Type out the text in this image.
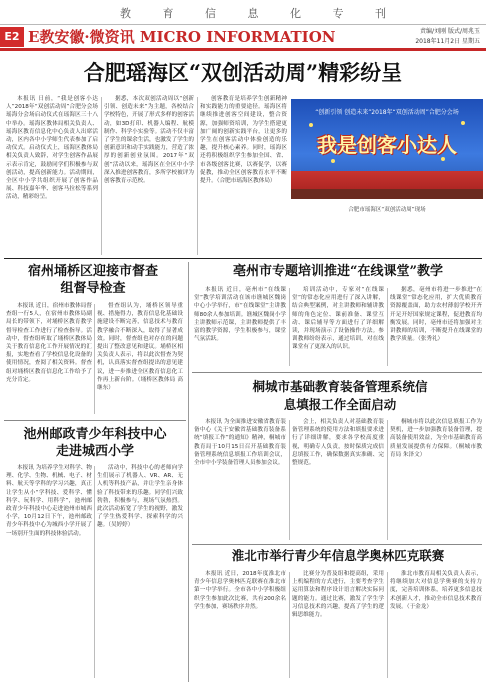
教 育 信 息 化 专 刊
E2 E教安徽·微资讯 MICRO INFORMATION	责编/刘刚 版式/周兆玉
2018年11月2日 星期五
合肥瑶海区“双创活动周”精彩纷呈

本报讯 日前，“我是创客小达人”2018年“双创活动周”合肥分会场瑶海分会场启动仪式在瑶海区三十八中举办。瑶海区教体局相关负责人、瑶海区教育信息化中心负责人出席活动，区内各中小学师生代表参加了启动仪式。启动仪式上，瑶海区教体局相关负责人致辞，对学生创客作品展示表示肯定，鼓励同学们积极参与双创活动，提高创新能力。活动期间，全区中小学共组织开展了创客作品展、科技嘉年华、创客马拉松等系列活动，精彩纷呈。

据悉，本次双创活动周以“创新引领、创造未来”为主题，各校结合学校特色，开展了形式多样的创客活动，如3D打印、机器人编程、航模制作、科学小实验等。活动不仅丰富了学生的课余生活，也激发了学生的创新意识和动手实践能力，营造了浓厚的创新创业氛围。2017年“双创”活动以来，瑶海区在全区中小学深入推进创客教育，多所学校被评为创客教育示范校。

创客教育是培养学生创新精神和实践能力的重要途径。瑶海区将继续推进创客空间建设，整合资源，加强师资培训，为学生搭建更加广阔的创新实践平台，让更多的学生在创客活动中体验创造的乐趣，提升核心素养。同时，瑶海区还将积极组织学生参加全国、省、市各级创客比赛，以赛促学，以赛促教，推动全区创客教育水平不断提升。（合肥市瑶海区教体局）

“创新引领 创造未来”2018年“双创活动周”合肥分会场
我是创客小达人
合肥市瑶海区“双创活动周”现场
宿州埇桥区迎接市督查组督导检查

本报讯 近日，宿州市教体局督查组一行5人，在宿州市教体局副局长的带领下，对埇桥区教育教学督导检查工作进行了检查指导。活动中，督查组听取了埇桥区教体局关于教育信息化工作开展情况的汇报，实地查看了学校信息化设备的使用情况，查阅了相关资料。督查组对埇桥区教育信息化工作给予了充分肯定。

督查组认为，埇桥区领导重视、措施得力，教育信息化基础设施建设不断完善，信息技术与教育教学融合不断深入，取得了显著成效。同时，督查组也对存在的问题提出了整改意见和建议。埇桥区相关负责人表示，将以此次督查为契机，认真落实督查组提出的意见建议，进一步推进全区教育信息化工作再上新台阶。（埇桥区教体局 高继东）

亳州市专题培训推进“在线课堂”教学

本报讯 近日，亳州市“在线课堂”教学培训活动在该市谯城区魏岗中心小学举行，市“在线课堂”主讲教师80余人参加培训。谯城区魏岗小学主讲教师示范课，主讲教师提供了丰富的教学资源，学生积极参与，课堂气氛活跃。

培训活动中，专家对“在线课堂”的常态化应用进行了深入讲解，结合典型案例，对主讲教师和辅讲教师的角色定位、课前准备、课堂互动、课后辅导等方面进行了详细解读，并现场演示了设备操作方法。参训教师纷纷表示，通过培训，对在线课堂有了更深入的认识。

据悉，亳州市将进一步推进“在线课堂”常态化应用，扩大优质教育资源覆盖面，助力农村薄弱学校开齐开足开好国家规定课程，促进教育均衡发展。同时，亳州市还将加强对主讲教师的培训，不断提升在线课堂的教学质量。（张秀礼）

桐城市基础教育装备管理系统信息填报工作全面启动

本报讯 为全面推进安徽省教育装备中心《关于安徽省基础教育装备系统“填报工作”的通知》精神，桐城市教育局于10月15日召开基础教育装备管理系统信息填报工作培训会议，全市中小学装备管理人员参加会议。

会上，相关负责人对基础教育装备管理系统的使用方法和填报要求进行了详细讲解，要求各学校高度重视，明确专人负责，按时保质完成信息填报工作，确保数据真实准确、完整规范。

桐城市将以此次信息填报工作为契机，进一步加强教育装备管理，提高装备使用效益，为全市基础教育高质量发展提供有力保障。（桐城市教育局 朱泽文）

池州邮政青少年科技中心走进城西小学

本报讯 为培养学生对科学、物理、化学、生物、机械、电子、材料、航天等学科的学习兴趣，真正让学生从小“学科技、爱科学、懂科学、玩科学、用科学”，池州邮政青少年科技中心走进池州市城西小学，10月12日下午，池州邮政青少年科技中心为城西小学开展了一场别开生面的科技体验活动。

活动中，科技中心的老师向学生们展示了机器人、VR、AR、无人机等科技产品，并让学生亲身体验了科技带来的乐趣。同学们兴致勃勃，积极参与，现场气氛热烈。此次活动拓宽了学生的视野，激发了学生热爱科学、探索科学的兴趣。（吴婷婷）

淮北市举行青少年信息学奥林匹克联赛

本报讯 近日，2018年度淮北市青少年信息学奥林匹克联赛在淮北市第一中学举行。全市各中小学积极组织学生参加此次比赛，共有200余名学生参加，赛场秩序井然。

比赛分为普及组和提高组，采用上机编程的方式进行，主要考查学生运用算法和程序设计语言解决实际问题的能力。通过比赛，激发了学生学习信息技术的兴趣，提高了学生的逻辑思维能力。

淮北市教育局相关负责人表示，将继续加大对信息学奥赛的支持力度，完善培训体系，培养更多信息技术创新人才，推动全市信息技术教育发展。（于金龙）
